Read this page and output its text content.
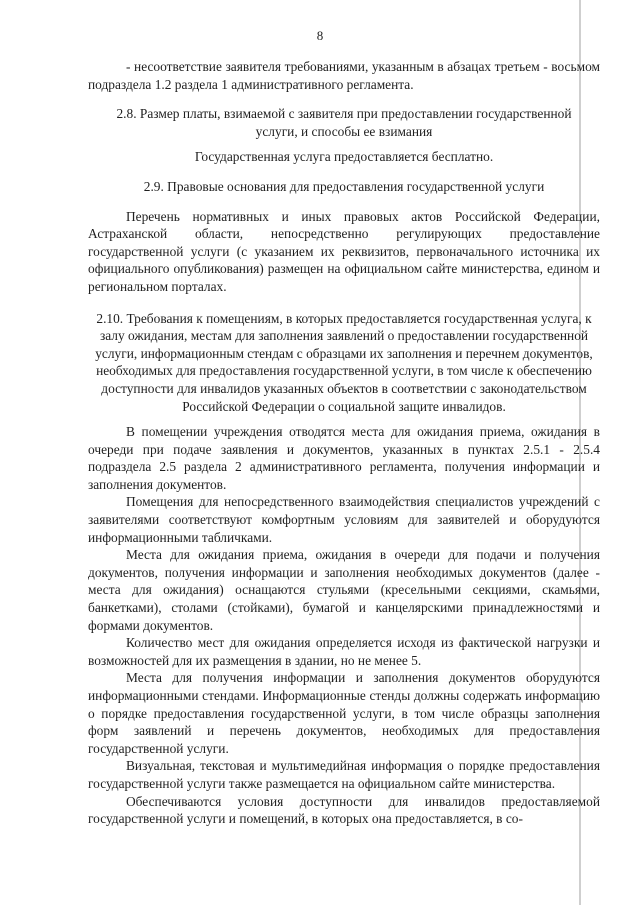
8

- несоответствие заявителя требованиями, указанным в абзацах третьем - восьмом подраздела 1.2 раздела 1 административного регламента.

2.8. Размер платы, взимаемой с заявителя при предоставлении государственной услуги, и способы ее взимания

Государственная услуга предоставляется бесплатно.

2.9. Правовые основания для предоставления государственной услуги

Перечень нормативных и иных правовых актов Российской Федерации, Астраханской области, непосредственно регулирующих предоставление государственной услуги (с указанием их реквизитов, первоначального источника их официального опубликования) размещен на официальном сайте министерства, едином и региональном порталах.

2.10. Требования к помещениям, в которых предоставляется государственная услуга, к залу ожидания, местам для заполнения заявлений о предоставлении государственной услуги, информационным стендам с образцами их заполнения и перечнем документов, необходимых для предоставления государственной услуги, в том числе к обеспечению доступности для инвалидов указанных объектов в соответствии с законодательством Российской Федерации о социальной защите инвалидов.

В помещении учреждения отводятся места для ожидания приема, ожидания в очереди при подаче заявления и документов, указанных в пунктах 2.5.1 - 2.5.4 подраздела 2.5 раздела 2 административного регламента, получения информации и заполнения документов.

Помещения для непосредственного взаимодействия специалистов учреждений с заявителями соответствуют комфортным условиям для заявителей и оборудуются информационными табличками.

Места для ожидания приема, ожидания в очереди для подачи и получения документов, получения информации и заполнения необходимых документов (далее - места для ожидания) оснащаются стульями (кресельными секциями, скамьями, банкетками), столами (стойками), бумагой и канцелярскими принадлежностями и формами документов.

Количество мест для ожидания определяется исходя из фактической нагрузки и возможностей для их размещения в здании, но не менее 5.

Места для получения информации и заполнения документов оборудуются информационными стендами. Информационные стенды должны содержать информацию о порядке предоставления государственной услуги, в том числе образцы заполнения форм заявлений и перечень документов, необходимых для предоставления государственной услуги.

Визуальная, текстовая и мультимедийная информация о порядке предоставления государственной услуги также размещается на официальном сайте министерства.

Обеспечиваются условия доступности для инвалидов предоставляемой государственной услуги и помещений, в которых она предоставляется, в со-
